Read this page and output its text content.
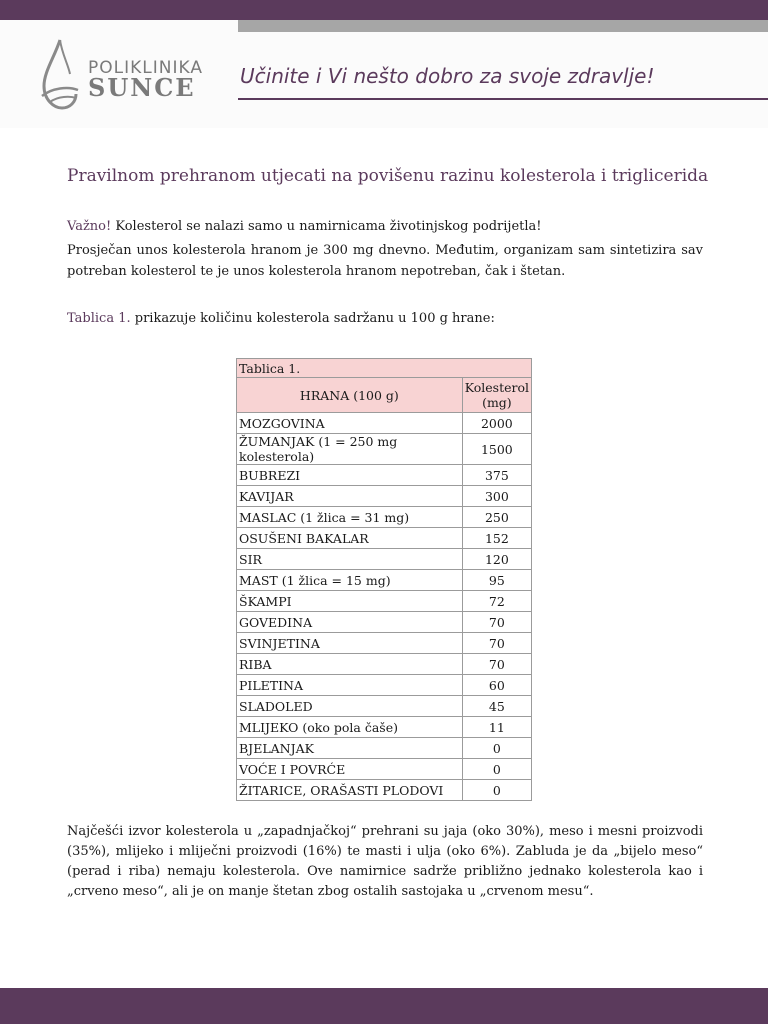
POLIKLINIKA
SUNCE Učinite i Vi nešto dobro za svoje zdravlje!
Pravilnom prehranom utjecati na povišenu razinu kolesterola i triglicerida
Važno! Kolesterol se nalazi samo u namirnicama životinjskog podrijetla!
Prosječan unos kolesterola hranom je 300 mg dnevno. Međutim, organizam sam sintetizira sav potreban kolesterol te je unos kolesterola hranom nepotreban, čak i štetan.
Tablica 1. prikazuje količinu kolesterola sadržanu u 100 g hrane:
Tablica 1.	
HRANA (100 g)	Kolesterol
(mg)
MOZGOVINA	2000
ŽUMANJAK (1 = 250 mg kolesterola)	1500
BUBREZI	375
KAVIJAR	300
MASLAC (1 žlica = 31 mg)	250
OSUŠENI BAKALAR	152
SIR	120
MAST (1 žlica = 15 mg)	95
ŠKAMPI	72
GOVEDINA	70
SVINJETINA	70
RIBA	70
PILETINA	60
SLADOLED	45
MLIJEKO (oko pola čaše)	11
BJELANJAK	0
VOĆE I POVRĆE	0
ŽITARICE, ORAŠASTI PLODOVI	0
Najčešći izvor kolesterola u „zapadnjačkoj“ prehrani su jaja (oko 30%), meso i mesni proizvodi (35%), mlijeko i mliječni proizvodi (16%) te masti i ulja (oko 6%). Zabluda je da „bijelo meso“ (perad i riba) nemaju kolesterola. Ove namirnice sadrže približno jednako kolesterola kao i „crveno meso“, ali je on manje štetan zbog ostalih sastojaka u „crvenom mesu“.
